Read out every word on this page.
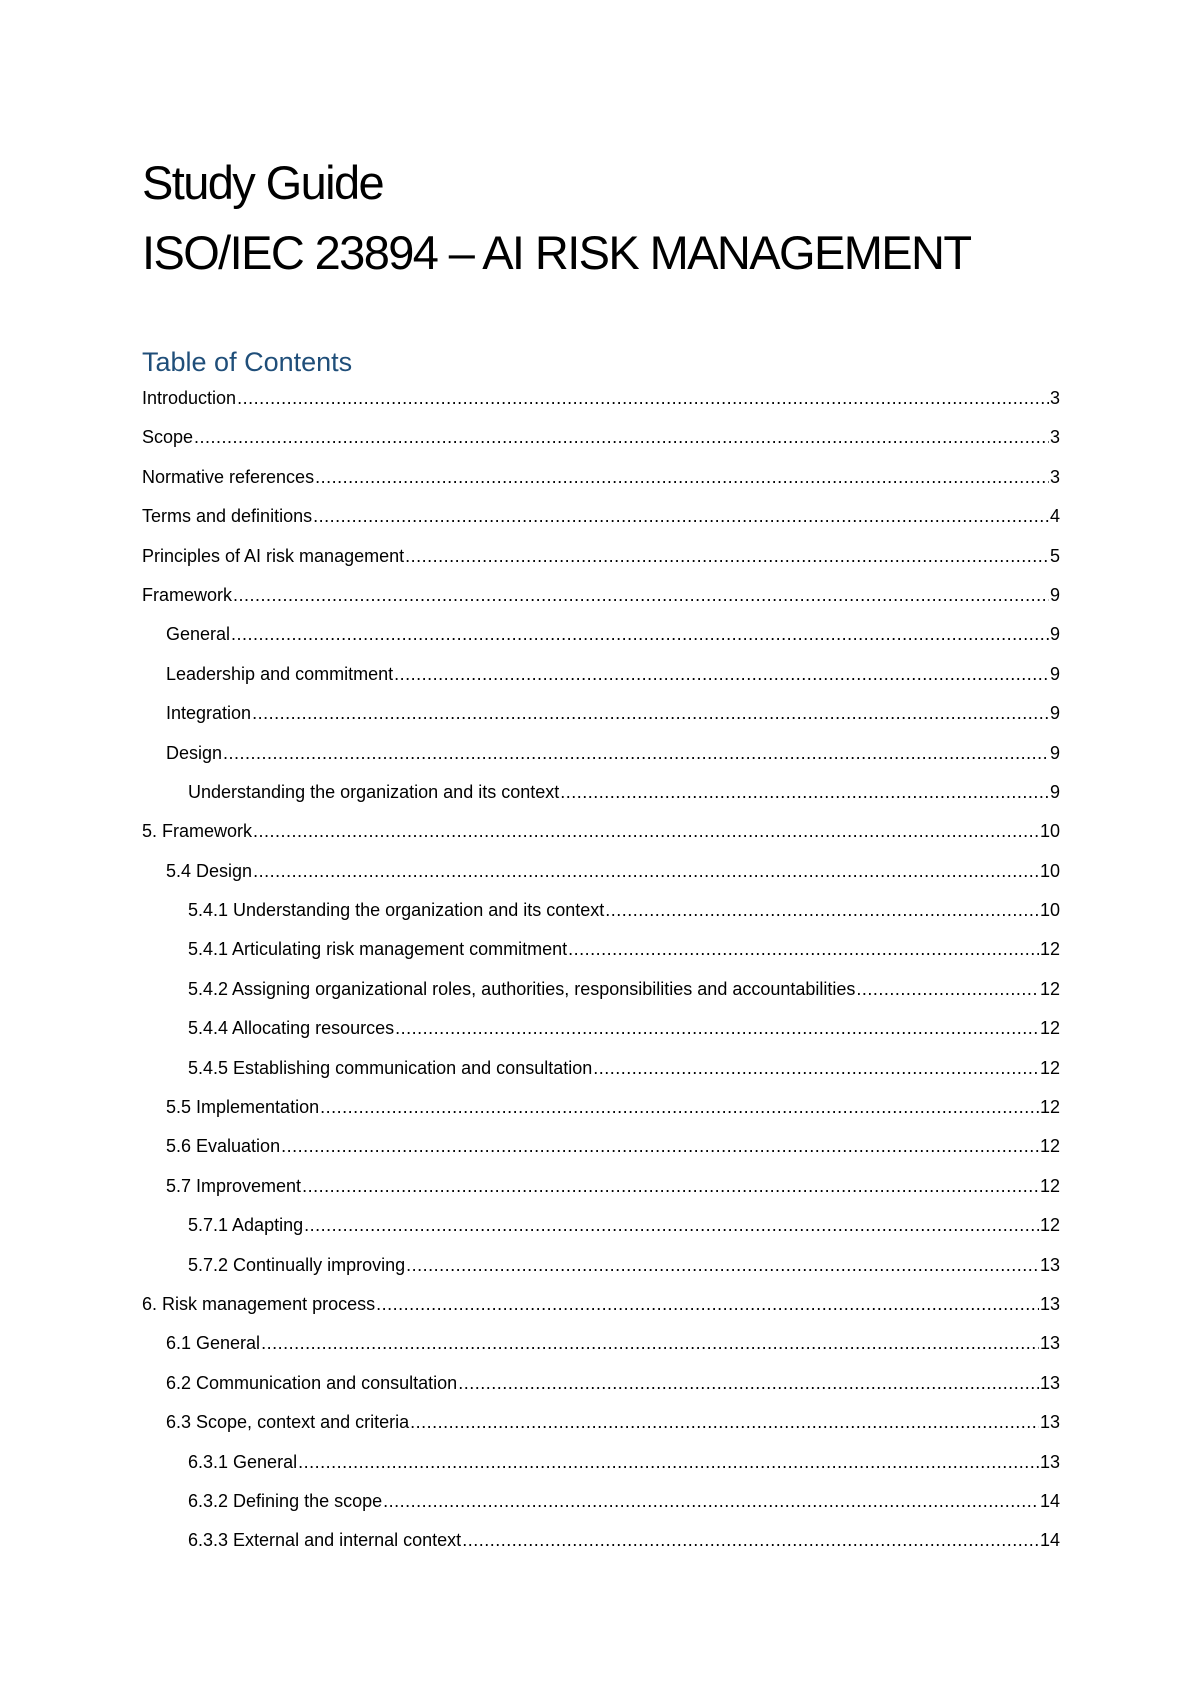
Study Guide
ISO/IEC 23894 – AI RISK MANAGEMENT
Table of Contents
Introduction .....	3
Scope .....	3
Normative references .....	3
Terms and definitions .....	4
Principles of AI risk management .....	5
Framework .....	9
General .....	9
Leadership and commitment .....	9
Integration .....	9
Design .....	9
Understanding the organization and its context .....	9
5. Framework .....	10
5.4 Design .....	10
5.4.1 Understanding the organization and its context .....	10
5.4.1 Articulating risk management commitment .....	12
5.4.2 Assigning organizational roles, authorities, responsibilities and accountabilities .....	12
5.4.4 Allocating resources .....	12
5.4.5 Establishing communication and consultation .....	12
5.5 Implementation .....	12
5.6 Evaluation .....	12
5.7 Improvement .....	12
5.7.1 Adapting .....	12
5.7.2 Continually improving .....	13
6. Risk management process .....	13
6.1 General .....	13
6.2 Communication and consultation .....	13
6.3 Scope, context and criteria .....	13
6.3.1 General .....	13
6.3.2 Defining the scope .....	14
6.3.3 External and internal context .....	14
